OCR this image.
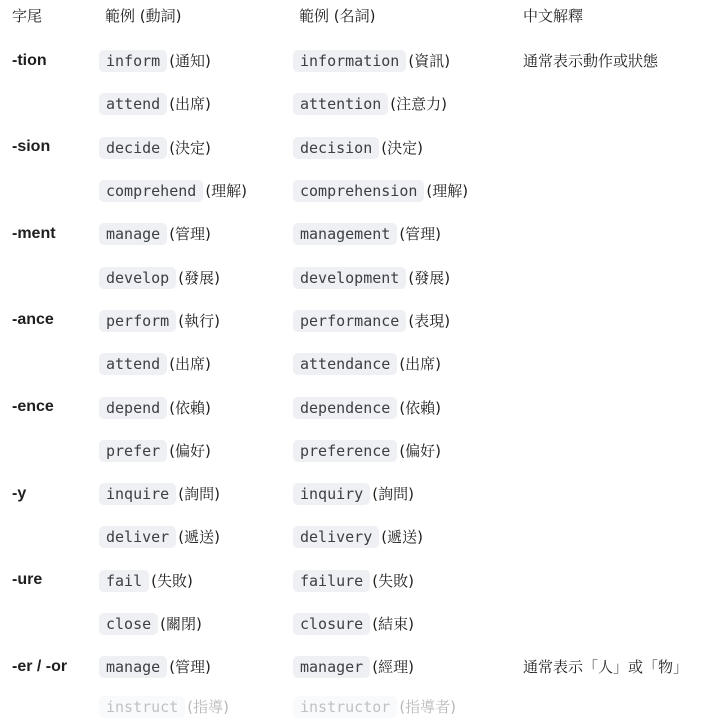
字尾	範例 (動詞)	範例 (名詞)	中文解釋
-tion	inform (通知)	information (資訊)	通常表示動作或狀態
	attend (出席)	attention (注意力)	
-sion	decide (決定)	decision (決定)	
	comprehend (理解)	comprehension (理解)	
-ment	manage (管理)	management (管理)	
	develop (發展)	development (發展)	
-ance	perform (執行)	performance (表現)	
	attend (出席)	attendance (出席)	
-ence	depend (依賴)	dependence (依賴)	
	prefer (偏好)	preference (偏好)	
-y	inquire (詢問)	inquiry (詢問)	
	deliver (遞送)	delivery (遞送)	
-ure	fail (失敗)	failure (失敗)	
	close (關閉)	closure (結束)	
-er / -or	manage (管理)	manager (經理)	通常表示「人」或「物」
	instruct (指導)	instructor (指導者)	
